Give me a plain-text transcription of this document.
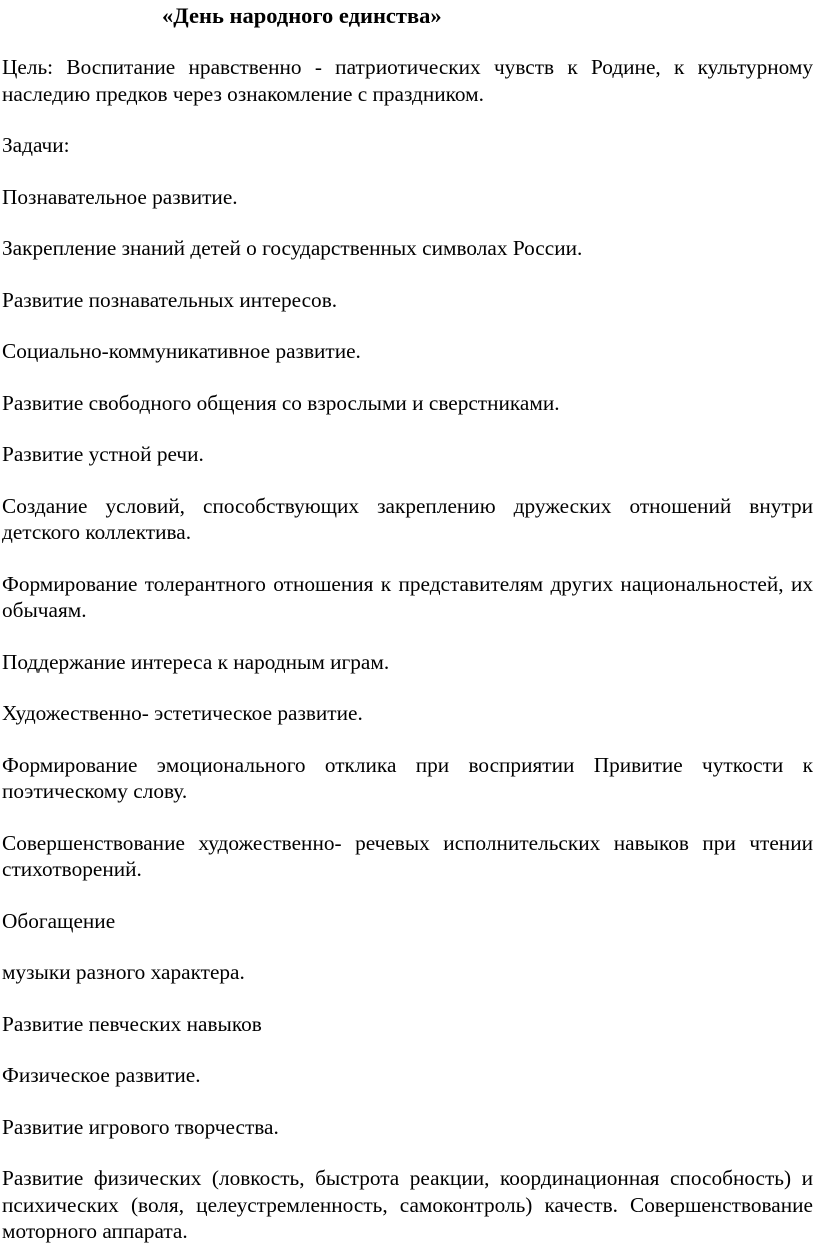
«День народного единства»

Цель: Воспитание нравственно - патриотических чувств к Родине, к культурному наследию предков через ознакомление с праздником.

Задачи:

Познавательное развитие.

Закрепление знаний детей о государственных символах России.

Развитие познавательных интересов.

Социально-коммуникативное развитие.

Развитие свободного общения со взрослыми и сверстниками.

Развитие устной речи.

Создание условий, способствующих закреплению дружеских отношений внутри детского коллектива.

Формирование толерантного отношения к представителям других национальностей, их обычаям.

Поддержание интереса к народным играм.

Художественно- эстетическое развитие.

Формирование эмоционального отклика при восприятии Привитие чуткости к поэтическому слову.

Совершенствование художественно- речевых исполнительских навыков при чтении стихотворений.

Обогащение

музыки разного характера.

Развитие певческих навыков

Физическое развитие.

Развитие игрового творчества.

Развитие физических (ловкость, быстрота реакции, координационная способность) и психических (воля, целеустремленность, самоконтроль) качеств. Совершенствование моторного аппарата.
